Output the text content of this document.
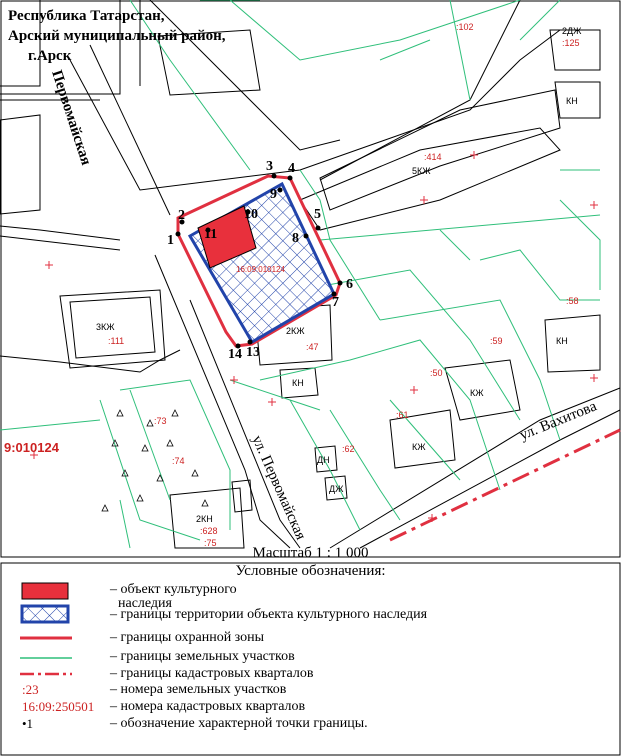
1
2
3 4
5
6
7
8
9
10
11
13
14
Первомайская
ул. Первомайская
ул. Вахитова
9:010124
3КЖ	2КЖ
5КЖ
2ДЖ
2КН
КН
КН
КН
КЖ
КЖ
ДЖ
ДН
:102
:125
:414
:111
:47
:59
:58
:50
:61
:62
:73
:74
:628
:75
16:09:010124
Республика Татарстан,
Арский муниципальный район,
г.Арск
Масштаб 1 : 1 000
Условные обозначения:
– объект культурного
наследия
– границы территории объекта культурного наследия
– границы охранной зоны
– границы земельных участков
– границы кадастровых кварталов
:23	– номера земельных участков
16:09:250501 – номера кадастровых кварталов
•1	– обозначение характерной точки границы.
